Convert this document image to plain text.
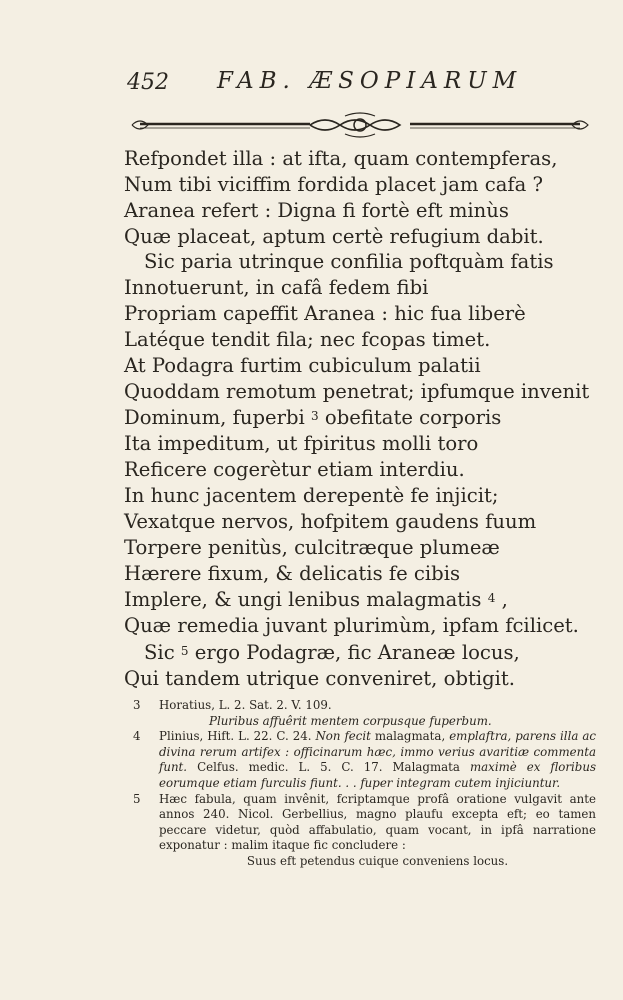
452 FAB. ÆSOPIARUM
Refpondet illa : at ifta, quam contempferas,
Num tibi viciffim fordida placet jam cafa ?
Aranea refert : Digna fi fortè eft minùs
Quæ placeat, aptum certè refugium dabit.
Sic paria utrinque confilia poftquàm fatis
Innotuerunt, in cafâ fedem fibi
Propriam capeffit Aranea : hic fua liberè
Latéque tendit fila; nec fcopas timet.
At Podagra furtim cubiculum palatii
Quoddam remotum penetrat; ipfumque invenit
Dominum, fuperbi $^3$ obefitate corporis
Ita impeditum, ut fpiritus molli toro
Reficere cogerètur etiam interdiu.
In hunc jacentem derepentè fe injicit;
Vexatque nervos, hofpitem gaudens fuum
Torpere penitùs, culcitræque plumeæ
Hærere fixum, & delicatis fe cibis
Implere, & ungi lenibus malagmatis $^4$ ,
Quæ remedia juvant plurimùm, ipfam fcilicet.
Sic $^5$ ergo Podagræ, fic Araneæ locus,
Qui tandem utrique conveniret, obtigit.
3 Horatius, L. 2. Sat. 2. V. 109.
Pluribus affuêrit mentem corpusque fuperbum.
4 Plinius, Hift. L. 22. C. 24. Non fecit malagmata, emplaftra, parens illa ac divina rerum artifex : officinarum hæc, immo verius avaritiæ commenta funt. Celfus. medic. L. 5. C. 17. Malagmata maximè ex floribus eorumque etiam furculis fiunt. . . fuper integram cutem injiciuntur.
5 Hæc fabula, quam invênit, fcriptamque profâ oratione vulgavit ante annos 240. Nicol. Gerbellius, magno plaufu excepta eft; eo tamen peccare videtur, quòd affabulatio, quam vocant, in ipfâ narratione exponatur : malim itaque fic concludere :
Suus eft petendus cuique conveniens locus.
